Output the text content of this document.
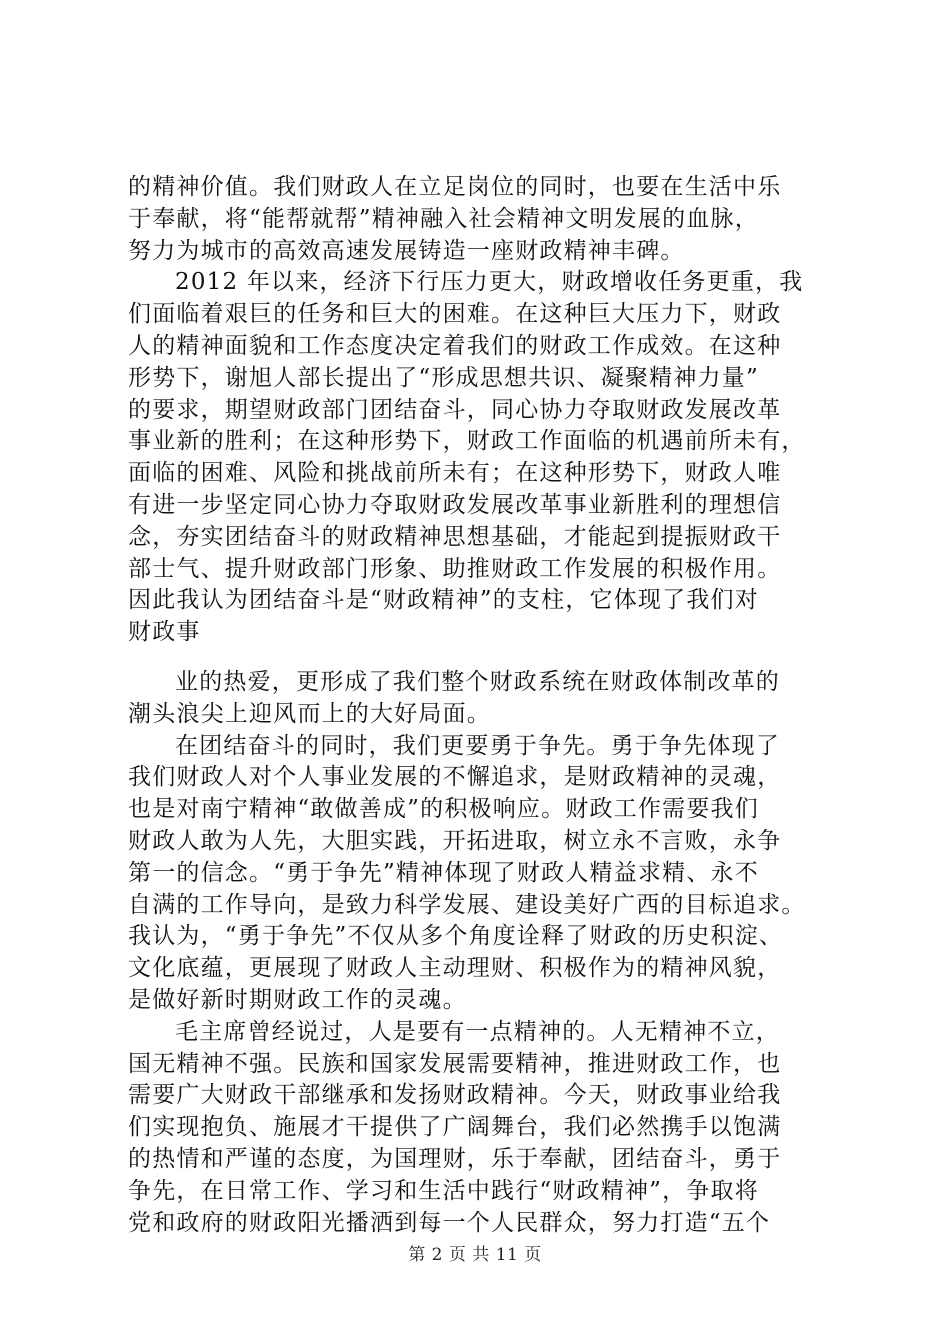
的精神价值。我们财政人在立足岗位的同时，也要在生活中乐
于奉献，将“能帮就帮”精神融入社会精神文明发展的血脉，
努力为城市的高效高速发展铸造一座财政精神丰碑。
2012 年以来，经济下行压力更大，财政增收任务更重，我
们面临着艰巨的任务和巨大的困难。在这种巨大压力下，财政
人的精神面貌和工作态度决定着我们的财政工作成效。在这种
形势下，谢旭人部长提出了“形成思想共识、凝聚精神力量”
的要求，期望财政部门团结奋斗，同心协力夺取财政发展改革
事业新的胜利；在这种形势下，财政工作面临的机遇前所未有，
面临的困难、风险和挑战前所未有；在这种形势下，财政人唯
有进一步坚定同心协力夺取财政发展改革事业新胜利的理想信
念，夯实团结奋斗的财政精神思想基础，才能起到提振财政干
部士气、提升财政部门形象、助推财政工作发展的积极作用。
因此我认为团结奋斗是“财政精神”的支柱，它体现了我们对
财政事
业的热爱，更形成了我们整个财政系统在财政体制改革的
潮头浪尖上迎风而上的大好局面。
在团结奋斗的同时，我们更要勇于争先。勇于争先体现了
我们财政人对个人事业发展的不懈追求，是财政精神的灵魂，
也是对南宁精神“敢做善成”的积极响应。财政工作需要我们
财政人敢为人先，大胆实践，开拓进取，树立永不言败，永争
第一的信念。“勇于争先”精神体现了财政人精益求精、永不
自满的工作导向，是致力科学发展、建设美好广西的目标追求。
我认为，“勇于争先”不仅从多个角度诠释了财政的历史积淀、
文化底蕴，更展现了财政人主动理财、积极作为的精神风貌，
是做好新时期财政工作的灵魂。
毛主席曾经说过，人是要有一点精神的。人无精神不立，
国无精神不强。民族和国家发展需要精神，推进财政工作，也
需要广大财政干部继承和发扬财政精神。今天，财政事业给我
们实现抱负、施展才干提供了广阔舞台，我们必然携手以饱满
的热情和严谨的态度，为国理财，乐于奉献，团结奋斗，勇于
争先，在日常工作、学习和生活中践行“财政精神”，争取将
党和政府的财政阳光播洒到每一个人民群众，努力打造“五个
第 2 页 共 11 页
